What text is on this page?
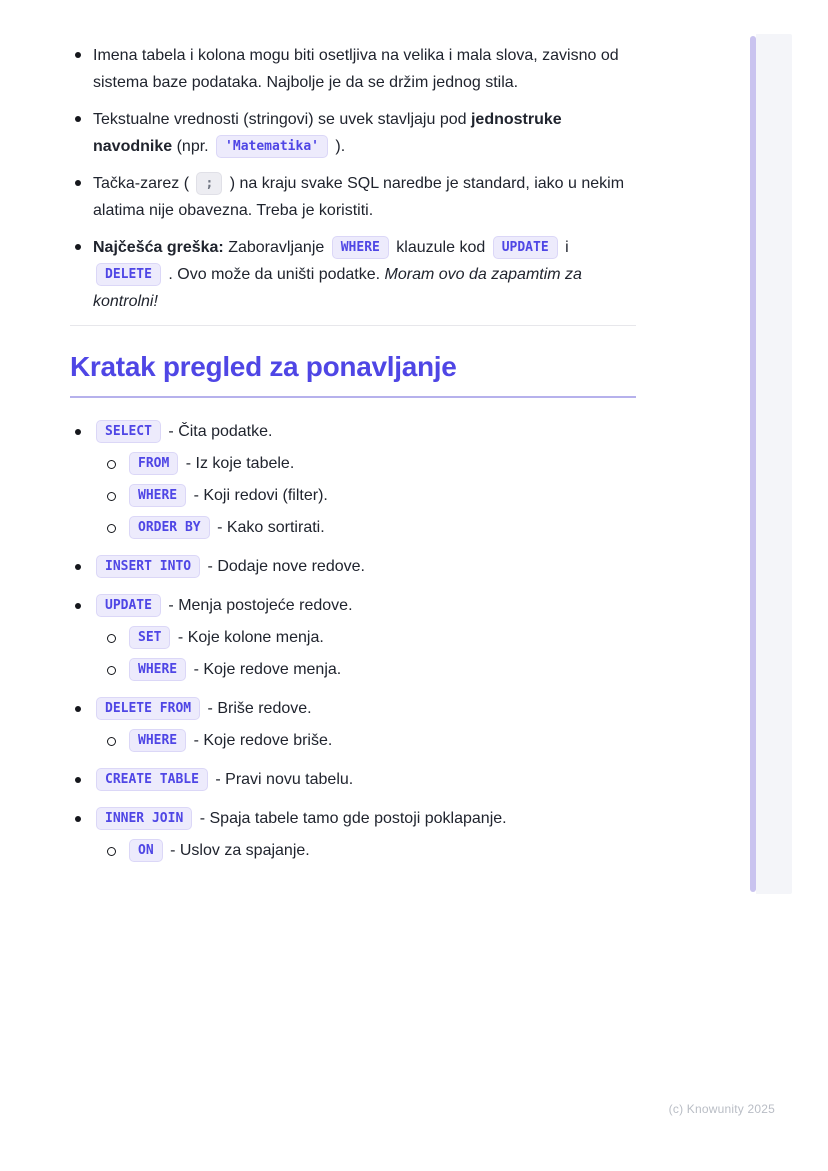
Imena tabela i kolona mogu biti osetljiva na velika i mala slova, zavisno od sistema baze podataka. Najbolje je da se držim jednog stila.
Tekstualne vrednosti (stringovi) se uvek stavljaju pod jednostruke navodnike (npr. 'Matematika' ).
Tačka-zarez ( ; ) na kraju svake SQL naredbe je standard, iako u nekim alatima nije obavezna. Treba je koristiti.
Najčešća greška: Zaboravljanje WHERE klauzule kod UPDATE i DELETE . Ovo može da uništi podatke. Moram ovo da zapamtim za kontrolni!
Kratak pregled za ponavljanje
SELECT - Čita podatke.
FROM - Iz koje tabele.
WHERE - Koji redovi (filter).
ORDER BY - Kako sortirati.
INSERT INTO - Dodaje nove redove.
UPDATE - Menja postojeće redove.
SET - Koje kolone menja.
WHERE - Koje redove menja.
DELETE FROM - Briše redove.
WHERE - Koje redove briše.
CREATE TABLE - Pravi novu tabelu.
INNER JOIN - Spaja tabele tamo gde postoji poklapanje.
ON - Uslov za spajanje.
(c) Knowunity 2025
